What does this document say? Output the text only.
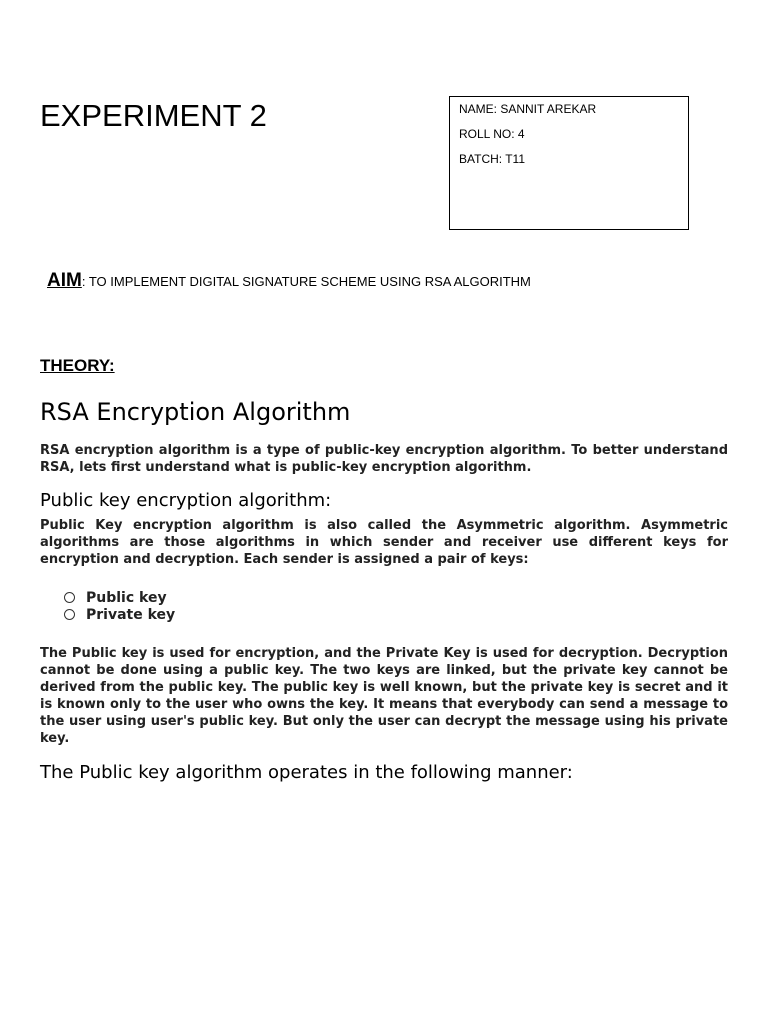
EXPERIMENT 2	NAME: SANNIT AREKAR
ROLL NO: 4
BATCH: T11
AIM: TO IMPLEMENT DIGITAL SIGNATURE SCHEME USING RSA ALGORITHM
THEORY:
RSA Encryption Algorithm
RSA encryption algorithm is a type of public-key encryption algorithm. To better understand RSA, lets first understand what is public-key encryption algorithm.
Public key encryption algorithm:
Public Key encryption algorithm is also called the Asymmetric algorithm. Asymmetric algorithms are those algorithms in which sender and receiver use different keys for encryption and decryption. Each sender is assigned a pair of keys:
Public key
Private key
The Public key is used for encryption, and the Private Key is used for decryption. Decryption cannot be done using a public key. The two keys are linked, but the private key cannot be derived from the public key. The public key is well known, but the private key is secret and it is known only to the user who owns the key. It means that everybody can send a message to the user using user's public key. But only the user can decrypt the message using his private key.
The Public key algorithm operates in the following manner:
